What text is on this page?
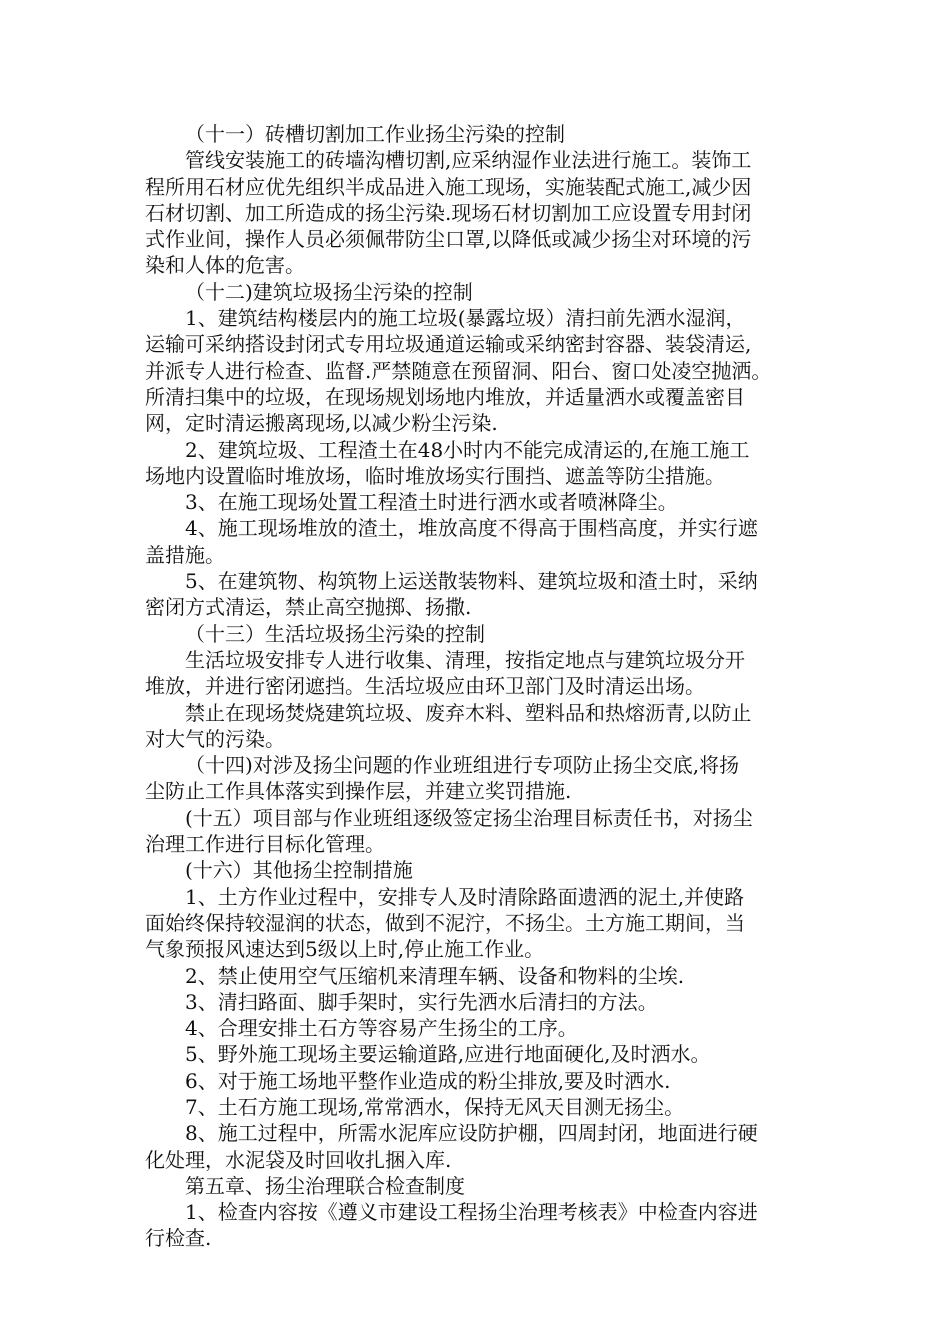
（十一）砖槽切割加工作业扬尘污染的控制

管线安装施工的砖墙沟槽切割,应采纳湿作业法进行施工。装饰工
程所用石材应优先组织半成品进入施工现场，实施装配式施工,减少因
石材切割、加工所造成的扬尘污染.现场石材切割加工应设置专用封闭
式作业间，操作人员必须佩带防尘口罩,以降低或减少扬尘对环境的污
染和人体的危害。

（十二)建筑垃圾扬尘污染的控制

1、建筑结构楼层内的施工垃圾(暴露垃圾）清扫前先洒水湿润，
运输可采纳搭设封闭式专用垃圾通道运输或采纳密封容器、装袋清运,
并派专人进行检查、监督.严禁随意在预留洞、阳台、窗口处凌空抛洒。
所清扫集中的垃圾，在现场规划场地内堆放，并适量洒水或覆盖密目
网，定时清运搬离现场,以减少粉尘污染.

2、建筑垃圾、工程渣土在48小时内不能完成清运的,在施工施工
场地内设置临时堆放场，临时堆放场实行围挡、遮盖等防尘措施。

3、在施工现场处置工程渣土时进行洒水或者喷淋降尘。

4、施工现场堆放的渣土，堆放高度不得高于围档高度，并实行遮
盖措施。

5、在建筑物、构筑物上运送散装物料、建筑垃圾和渣土时，采纳
密闭方式清运，禁止高空抛掷、扬撒.

（十三）生活垃圾扬尘污染的控制

生活垃圾安排专人进行收集、清理，按指定地点与建筑垃圾分开
堆放，并进行密闭遮挡。生活垃圾应由环卫部门及时清运出场。

禁止在现场焚烧建筑垃圾、废弃木料、塑料品和热熔沥青,以防止
对大气的污染。

（十四)对涉及扬尘问题的作业班组进行专项防止扬尘交底,将扬
尘防止工作具体落实到操作层，并建立奖罚措施.

(十五）项目部与作业班组逐级签定扬尘治理目标责任书，对扬尘
治理工作进行目标化管理。

(十六）其他扬尘控制措施

1、土方作业过程中，安排专人及时清除路面遗洒的泥土,并使路
面始终保持较湿润的状态，做到不泥泞，不扬尘。土方施工期间，当
气象预报风速达到5级以上时,停止施工作业。

2、禁止使用空气压缩机来清理车辆、设备和物料的尘埃.

3、清扫路面、脚手架时，实行先洒水后清扫的方法。

4、合理安排土石方等容易产生扬尘的工序。

5、野外施工现场主要运输道路,应进行地面硬化,及时洒水。

6、对于施工场地平整作业造成的粉尘排放,要及时洒水.

7、土石方施工现场,常常洒水，保持无风天目测无扬尘。

8、施工过程中，所需水泥库应设防护棚，四周封闭，地面进行硬
化处理，水泥袋及时回收扎捆入库.

第五章、扬尘治理联合检查制度

1、检查内容按《遵义市建设工程扬尘治理考核表》中检查内容进
行检查.
